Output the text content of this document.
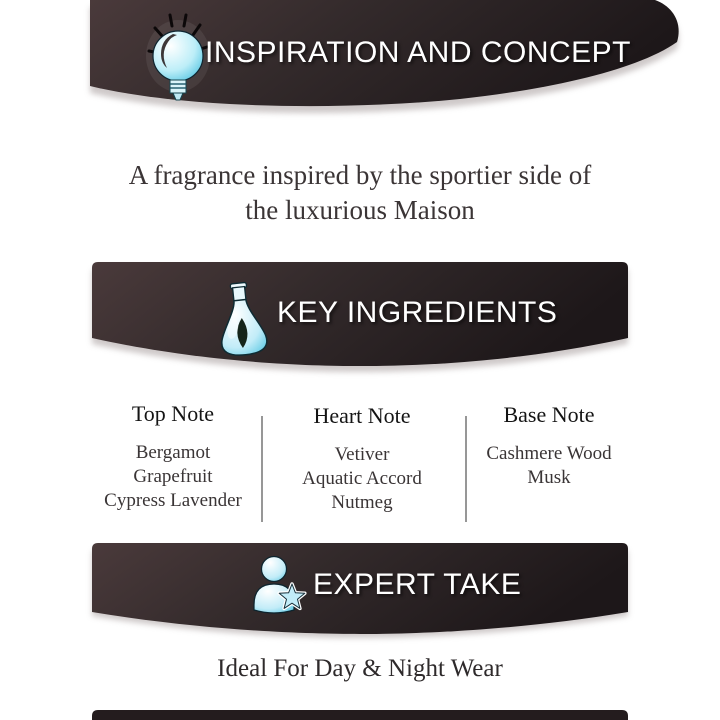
INSPIRATION AND CONCEPT
A fragrance inspired by the sportier side of
the luxurious Maison
KEY INGREDIENTS
Top Note
Bergamot
Grapefruit
Cypress Lavender
Heart Note
Vetiver
Aquatic Accord
Nutmeg
Base Note
Cashmere Wood
Musk
EXPERT TAKE
Ideal For Day & Night Wear
